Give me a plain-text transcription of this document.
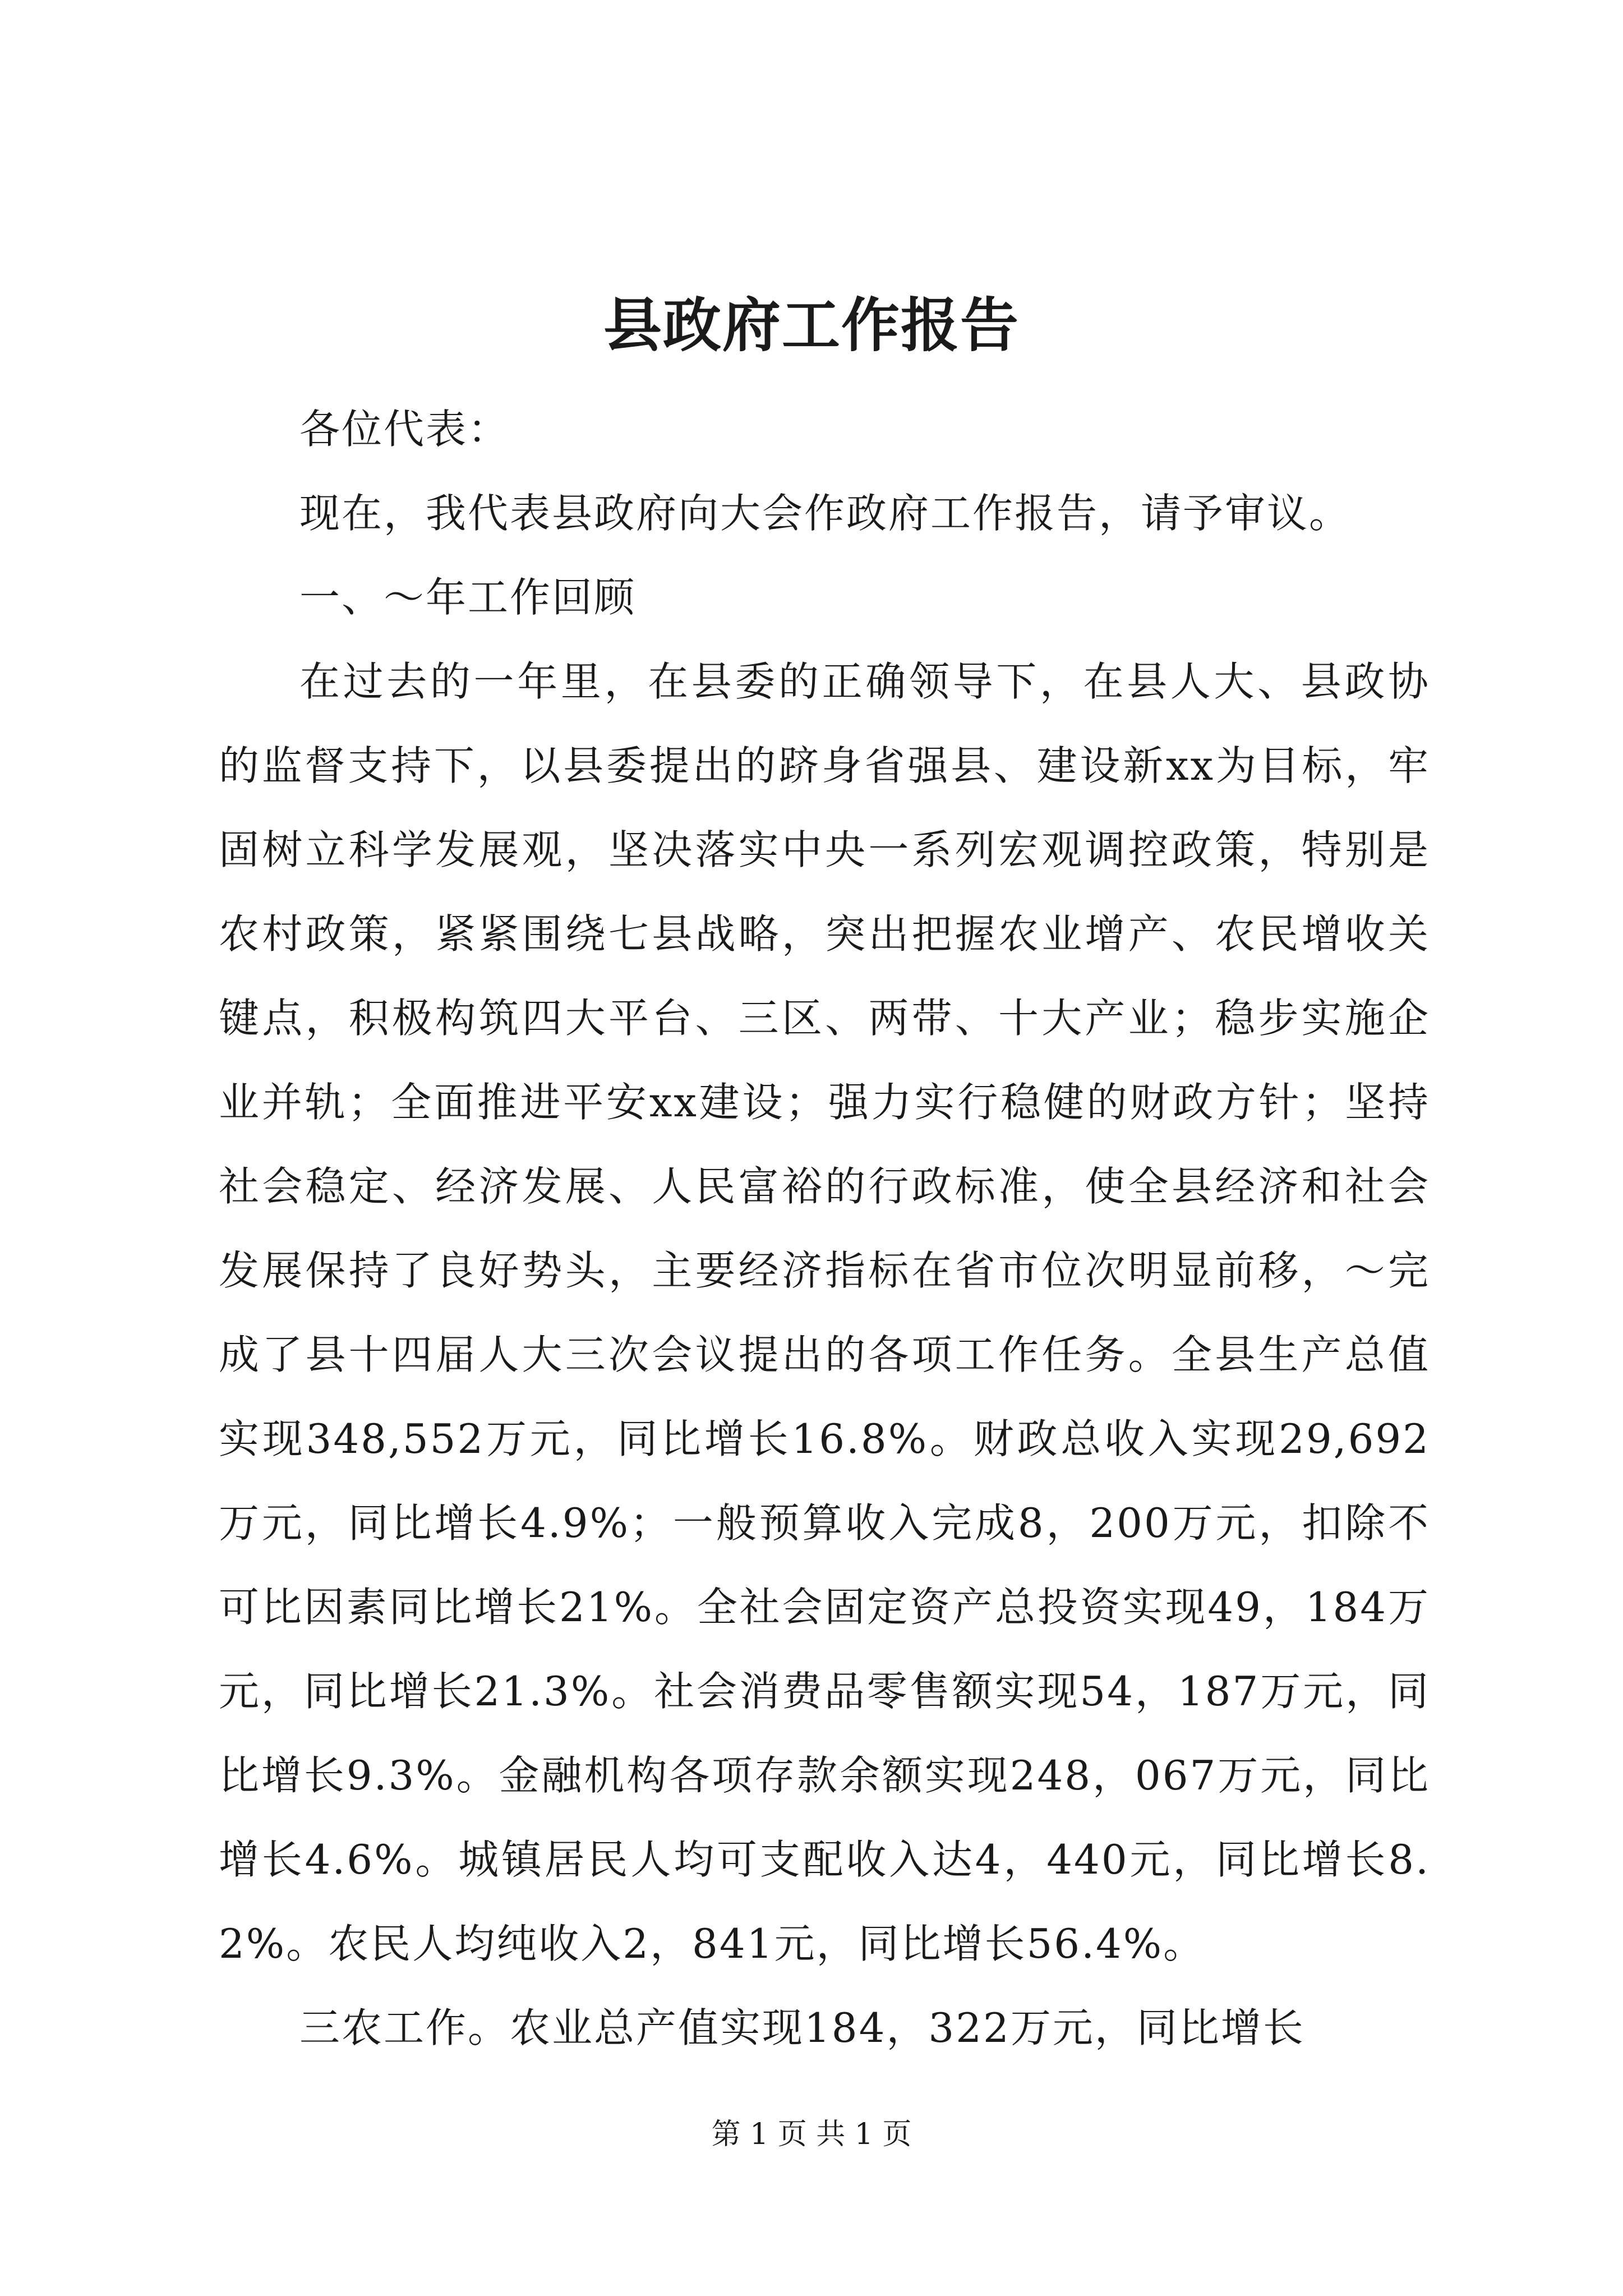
县政府工作报告

各位代表：

现在，我代表县政府向大会作政府工作报告，请予审议。

一、～年工作回顾

在过去的一年里，在县委的正确领导下，在县人大、县政协的监督支持下，以县委提出的跻身省强县、建设新xx为目标，牢固树立科学发展观，坚决落实中央一系列宏观调控政策，特别是农村政策，紧紧围绕七县战略，突出把握农业增产、农民增收关键点，积极构筑四大平台、三区、两带、十大产业；稳步实施企业并轨；全面推进平安xx建设；强力实行稳健的财政方针；坚持社会稳定、经济发展、人民富裕的行政标准，使全县经济和社会发展保持了良好势头，主要经济指标在省市位次明显前移，～完成了县十四届人大三次会议提出的各项工作任务。全县生产总值实现348,552万元，同比增长16.8%。财政总收入实现29,692万元，同比增长4.9%；一般预算收入完成8，200万元，扣除不可比因素同比增长21%。全社会固定资产总投资实现49，184万元，同比增长21.3%。社会消费品零售额实现54，187万元，同比增长9.3%。金融机构各项存款余额实现248，067万元，同比增长4.6%。城镇居民人均可支配收入达4，440元，同比增长8.2%。农民人均纯收入2，841元，同比增长56.4%。

三农工作。农业总产值实现184，322万元，同比增长

第 1 页 共 1 页
